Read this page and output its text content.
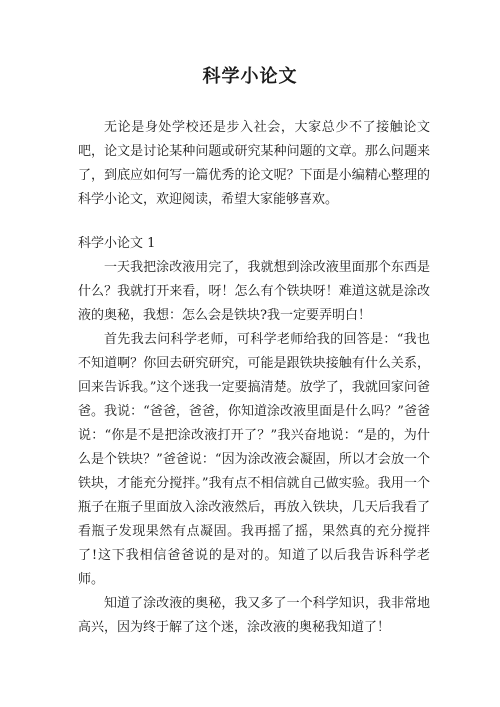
科学小论文

无论是身处学校还是步入社会，大家总少不了接触论文吧，论文是讨论某种问题或研究某种问题的文章。那么问题来了，到底应如何写一篇优秀的论文呢？下面是小编精心整理的科学小论文，欢迎阅读，希望大家能够喜欢。

科学小论文 1

一天我把涂改液用完了，我就想到涂改液里面那个东西是什么？我就打开来看，呀！怎么有个铁块呀！难道这就是涂改液的奥秘，我想：怎么会是铁块?我一定要弄明白！

首先我去问科学老师，可科学老师给我的回答是：“我也不知道啊？你回去研究研究，可能是跟铁块接触有什么关系，回来告诉我。”这个迷我一定要搞清楚。放学了，我就回家问爸爸。我说：“爸爸，爸爸，你知道涂改液里面是什么吗？”爸爸说：“你是不是把涂改液打开了？”我兴奋地说：“是的，为什么是个铁块？”爸爸说：“因为涂改液会凝固，所以才会放一个铁块，才能充分搅拌。”我有点不相信就自己做实验。我用一个瓶子在瓶子里面放入涂改液然后，再放入铁块，几天后我看了看瓶子发现果然有点凝固。我再摇了摇，果然真的充分搅拌了!这下我相信爸爸说的是对的。知道了以后我告诉科学老师。

知道了涂改液的奥秘，我又多了一个科学知识，我非常地高兴，因为终于解了这个迷，涂改液的奥秘我知道了！
